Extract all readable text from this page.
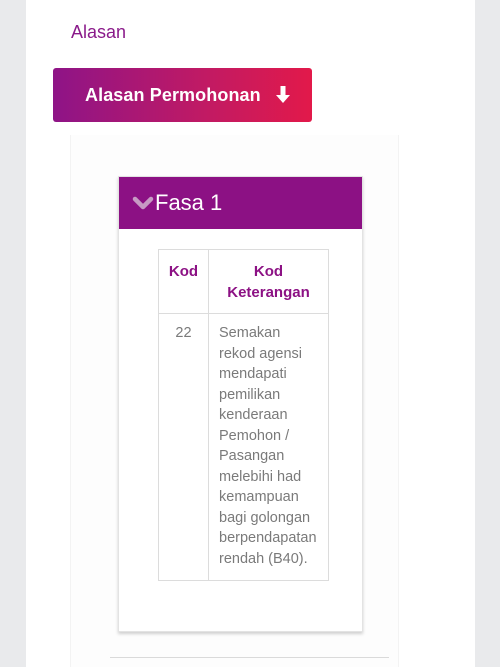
Alasan
Alasan Permohonan
Fasa 1
Kod	Kod Keterangan
22	Semakan rekod agensi mendapati pemilikan kenderaan Pemohon / Pasangan melebihi had kemampuan bagi golongan berpendapatan rendah (B40).
